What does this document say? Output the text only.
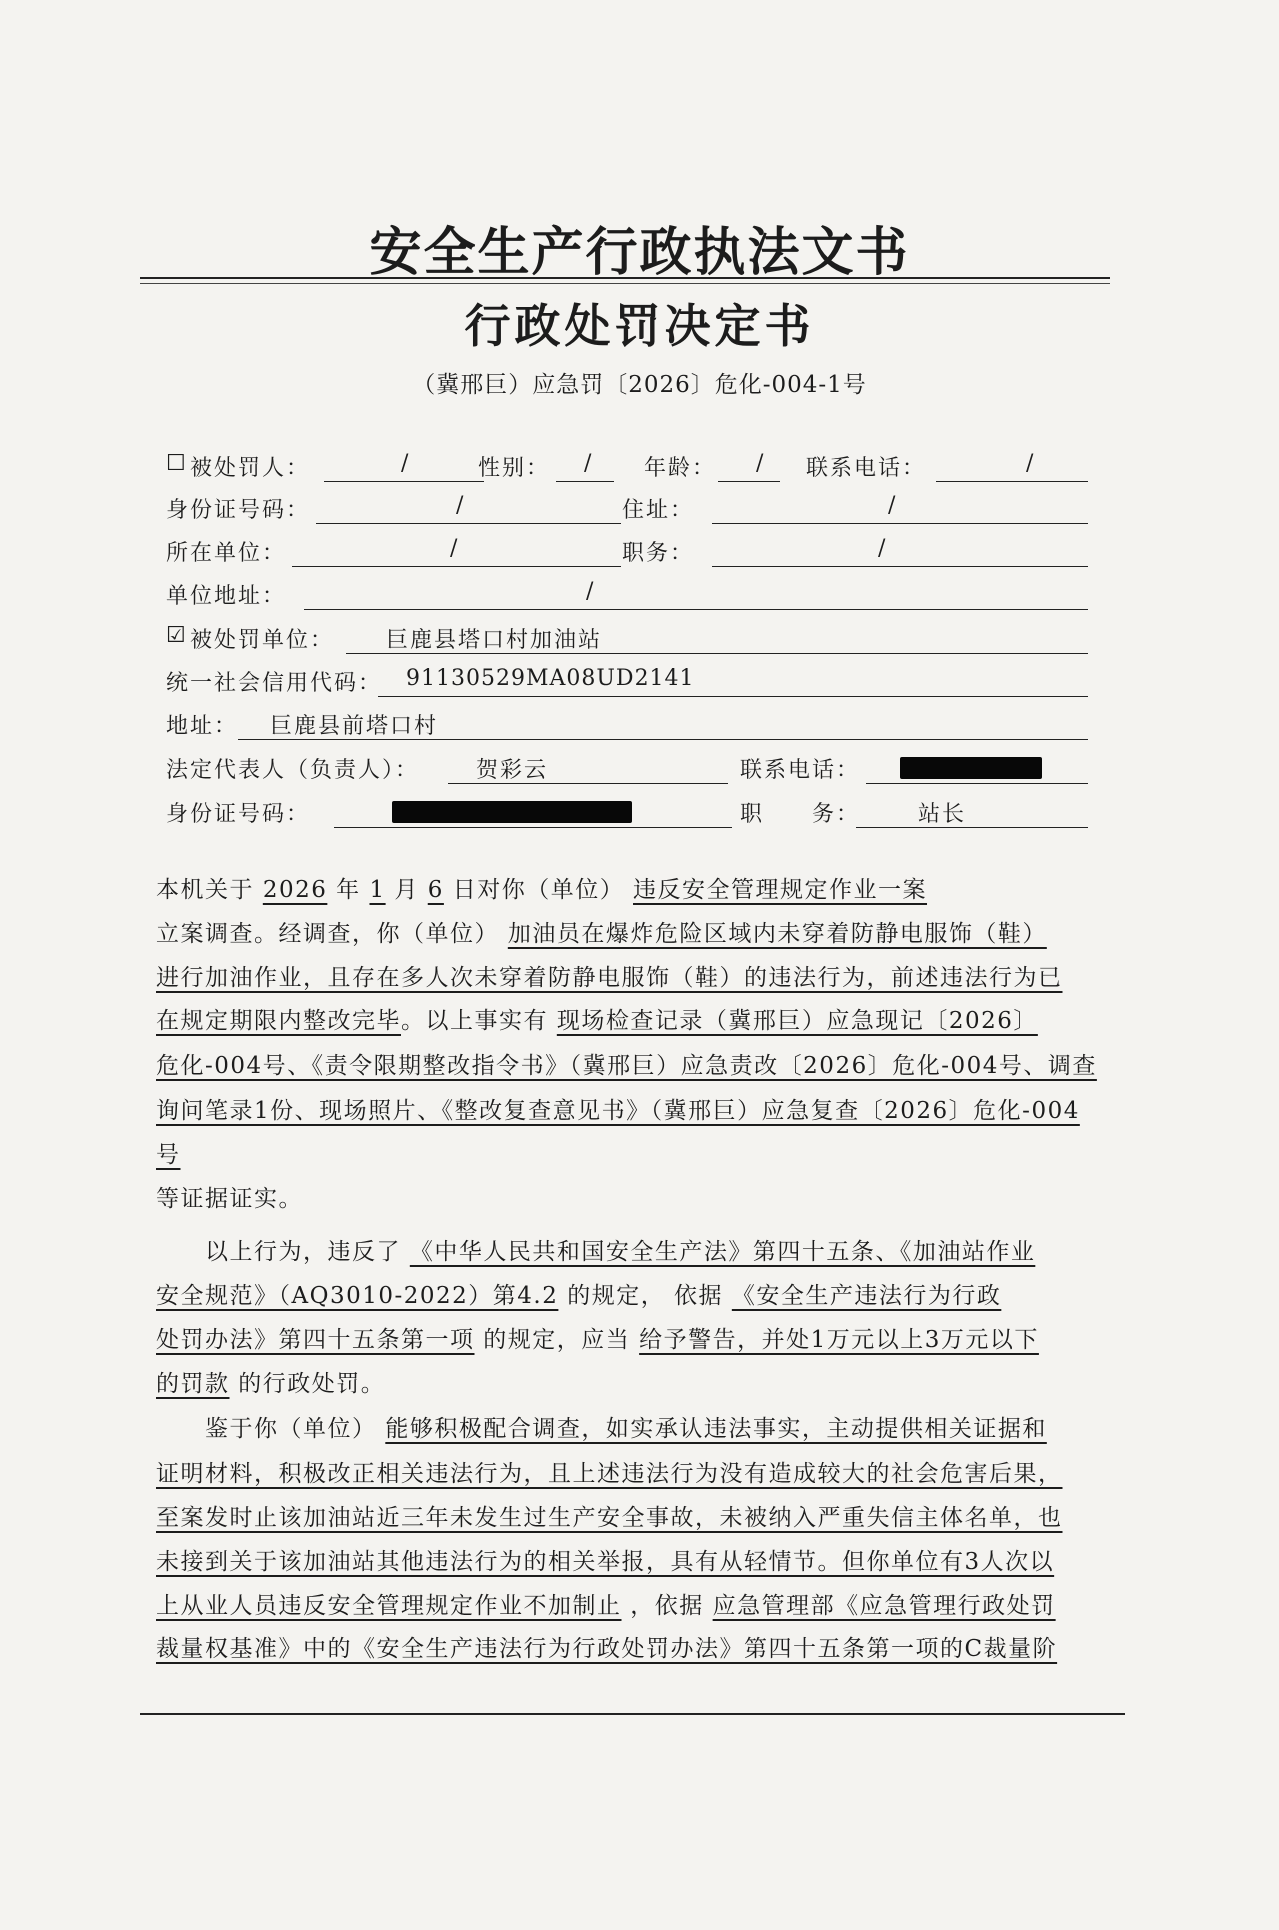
安全生产行政执法文书
行政处罚决定书
（冀邢巨）应急罚〔2026〕危化-004-1号
☐ 被处罚人：	/	性别： / 年龄： / 联系电话：	/
身份证号码：	/	住址：	/
所在单位：	/	职务：	/
单位地址：	/
☑ 被处罚单位： 巨鹿县塔口村加油站
统一社会信用代码： 91130529MA08UD2141
地址： 巨鹿县前塔口村
法定代表人（负责人）：	贺彩云	联系电话：
身份证号码：	职　　务：	站长
本机关于 2026 年 1 月 6 日对你（单位） 违反安全管理规定作业一案
立案调查。经调查，你（单位） 加油员在爆炸危险区域内未穿着防静电服饰（鞋）
进行加油作业，且存在多人次未穿着防静电服饰（鞋）的违法行为，前述违法行为已
在规定期限内整改完毕。以上事实有 现场检查记录（冀邢巨）应急现记〔2026〕
危化-004号、《责令限期整改指令书》（冀邢巨）应急责改〔2026〕危化-004号、调查
询问笔录1份、现场照片、《整改复查意见书》（冀邢巨）应急复查〔2026〕危化-004
号
等证据证实。
　　以上行为，违反了 《中华人民共和国安全生产法》第四十五条、《加油站作业
安全规范》（AQ3010-2022）第4.2 的规定， 依据 《安全生产违法行为行政
处罚办法》第四十五条第一项 的规定，应当 给予警告，并处1万元以上3万元以下
的罚款 的行政处罚。
　　鉴于你（单位） 能够积极配合调查，如实承认违法事实，主动提供相关证据和
证明材料，积极改正相关违法行为，且上述违法行为没有造成较大的社会危害后果，
至案发时止该加油站近三年未发生过生产安全事故，未被纳入严重失信主体名单，也
未接到关于该加油站其他违法行为的相关举报，具有从轻情节。但你单位有3人次以
上从业人员违反安全管理规定作业不加制止 ，依据 应急管理部《应急管理行政处罚
裁量权基准》中的《安全生产违法行为行政处罚办法》第四十五条第一项的C裁量阶
